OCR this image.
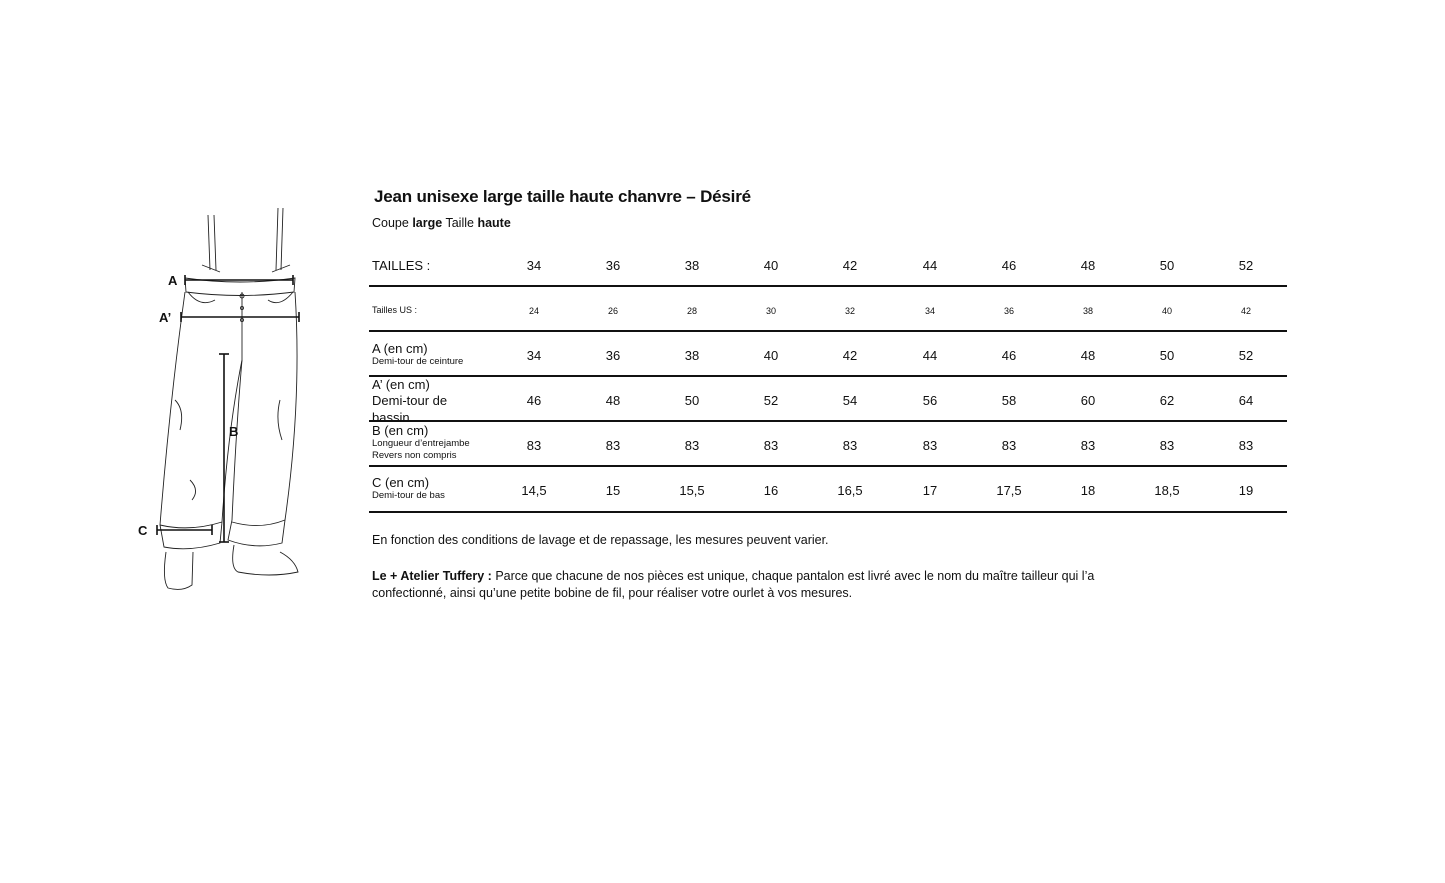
A
A’
B
C
Jean unisexe large taille haute chanvre – Désiré
Coupe large Taille haute
TAILLES :	34	36	38	40	42	44	46	48	50	52
Tailles US :	24	26	28	30	32	34	36	38	40	42
A (en cm)
Demi-tour de ceinture	34	36	38	40	42	44	46	48	50	52
A’ (en cm)
Demi-tour de bassin
46	48	50	52	54	56	58	60	62	64
B (en cm)
Longueur d’entrejambe
Revers non compris
83	83	83	83	83	83	83	83	83	83
C (en cm)
Demi-tour de bas	14,5	15	15,5	16	16,5	17	17,5	18	18,5	19
En fonction des conditions de lavage et de repassage, les mesures peuvent varier.
Le + Atelier Tuffery : Parce que chacune de nos pièces est unique, chaque pantalon est livré avec le nom du maître tailleur qui l’a confectionné, ainsi qu’une petite bobine de fil, pour réaliser votre ourlet à vos mesures.
